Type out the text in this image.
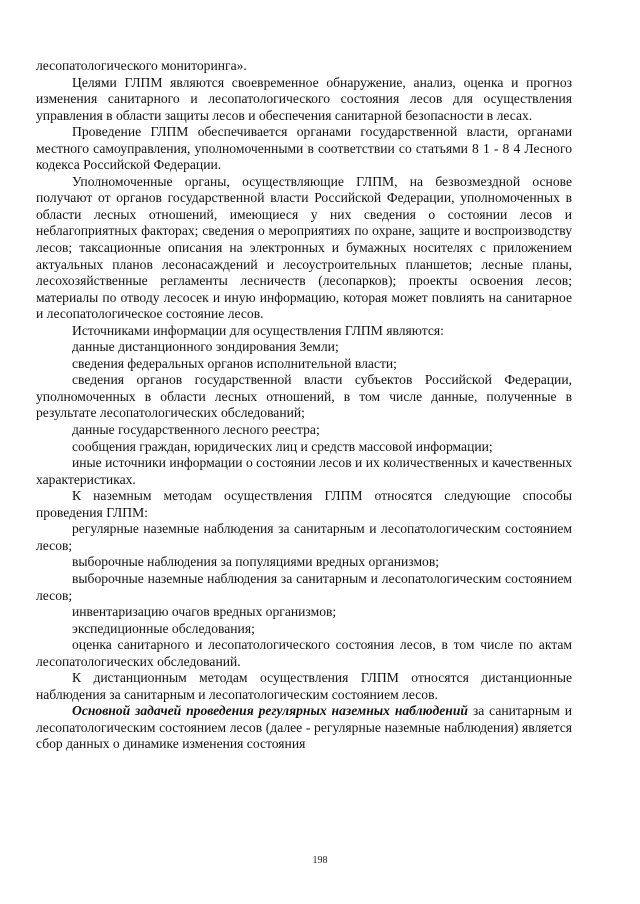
лесопатологического мониторинга».

Целями ГЛПМ являются своевременное обнаружение, анализ, оценка и прогноз изменения санитарного и лесопатологического состояния лесов для осуществления управления в области защиты лесов и обеспечения санитарной безопасности в лесах.

Проведение ГЛПМ обеспечивается органами государственной власти, органами местного самоуправления, уполномоченными в соответствии со статьями 8 1 - 8 4 Лесного кодекса Российской Федерации.

Уполномоченные органы, осуществляющие ГЛПМ, на безвозмездной основе получают от органов государственной власти Российской Федерации, уполномоченных в области лесных отношений, имеющиеся у них сведения о состоянии лесов и неблагоприятных факторах; сведения о мероприятиях по охране, защите и воспроизводству лесов; таксационные описания на электронных и бумажных носителях с приложением актуальных планов лесонасаждений и лесоустроительных планшетов; лесные планы, лесохозяйственные регламенты лесничеств (лесопарков); проекты освоения лесов; материалы по отводу лесосек и иную информацию, которая может повлиять на санитарное и лесопатологическое состояние лесов.

Источниками информации для осуществления ГЛПМ являются:

данные дистанционного зондирования Земли;

сведения федеральных органов исполнительной власти;

сведения органов государственной власти субъектов Российской Федерации, уполномоченных в области лесных отношений, в том числе данные, полученные в результате лесопатологических обследований;

данные государственного лесного реестра;

сообщения граждан, юридических лиц и средств массовой информации;

иные источники информации о состоянии лесов и их количественных и качественных характеристиках.

К наземным методам осуществления ГЛПМ относятся следующие способы проведения ГЛПМ:

регулярные наземные наблюдения за санитарным и лесопатологическим состоянием лесов;

выборочные наблюдения за популяциями вредных организмов;

выборочные наземные наблюдения за санитарным и лесопатологическим состоянием лесов;

инвентаризацию очагов вредных организмов;

экспедиционные обследования;

оценка санитарного и лесопатологического состояния лесов, в том числе по актам лесопатологических обследований.

К дистанционным методам осуществления ГЛПМ относятся дистанционные наблюдения за санитарным и лесопатологическим состоянием лесов.

Основной задачей проведения регулярных наземных наблюдений за санитарным и лесопатологическим состоянием лесов (далее - регулярные наземные наблюдения) является сбор данных о динамике изменения состояния

198
